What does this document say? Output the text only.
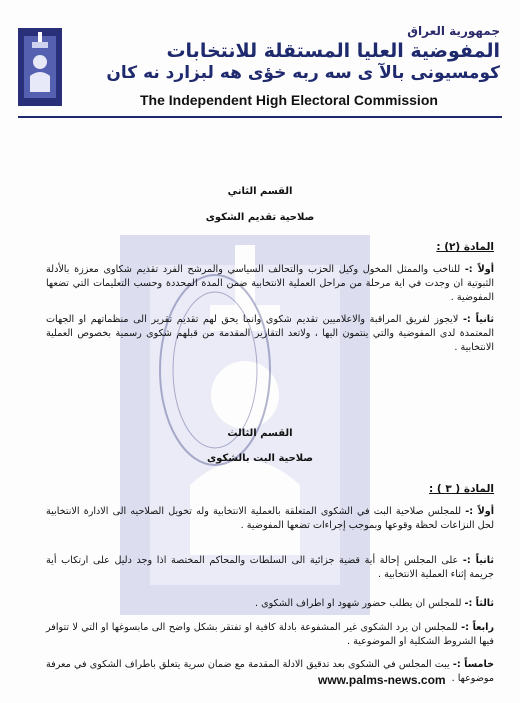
جمهورية العراق
المفوضية العليا المستقلة للانتخابات
كومسيونى بالآ ى سه ربه خؤى هه لبزارد نه كان
The Independent High Electoral Commission
القسم الثاني
صلاحية تقديم الشكوى
المادة (٢) :
أولاً :- للناخب والممثل المخول وكيل الحزب والتحالف السياسي والمرشح الفرد تقديم شكاوى معززة بالأدلة الثبوتية ان وجدت في اية مرحلة من مراحل العملية الانتخابية ضمن المدة المحددة وحسب التعليمات التي تضعها المفوضية .
ثانياً :- لايجوز لفريق المراقبة والاعلاميين تقديم شكوى وانما يحق لهم تقديم تقرير الى منظماتهم او الجهات المعتمدة لدى المفوضية والتي ينتمون اليها ، ولاتعد التقارير المقدمة من قبلهم شكوى رسمية بخصوص العملية الانتخابية .
القسم الثالث
صلاحية البت بالشكوى
المادة ( ٣ ) :
أولاً :- للمجلس صلاحية البت في الشكوى المتعلقة بالعملية الانتخابية وله تخويل الصلاحيه الى الادارة الانتخابية لحل النزاعات لحظة وقوعها وبموجب إجراءات تضعها المفوضية .
ثانياً :- على المجلس إحالة أية قضية جزائية الى السلطات والمحاكم المختصة اذا وجد دليل على ارتكاب أية جريمة إثناء العملية الانتخابية .
ثالثاً :- للمجلس ان يطلب حضور شهود او اطراف الشكوى .
رابعاً :- للمجلس ان يرد الشكوى غير المشفوعة بادلة كافية او تفتقر بشكل واضح الى مابسوغها او التي لا تتوافر فيها الشروط الشكلية او الموضوعية .
خامساً :- يبت المجلس في الشكوى بعد تدقيق الادلة المقدمة مع ضمان سرية يتعلق باطراف الشكوى في معرفة موضوعها .
www.palms-news.com
